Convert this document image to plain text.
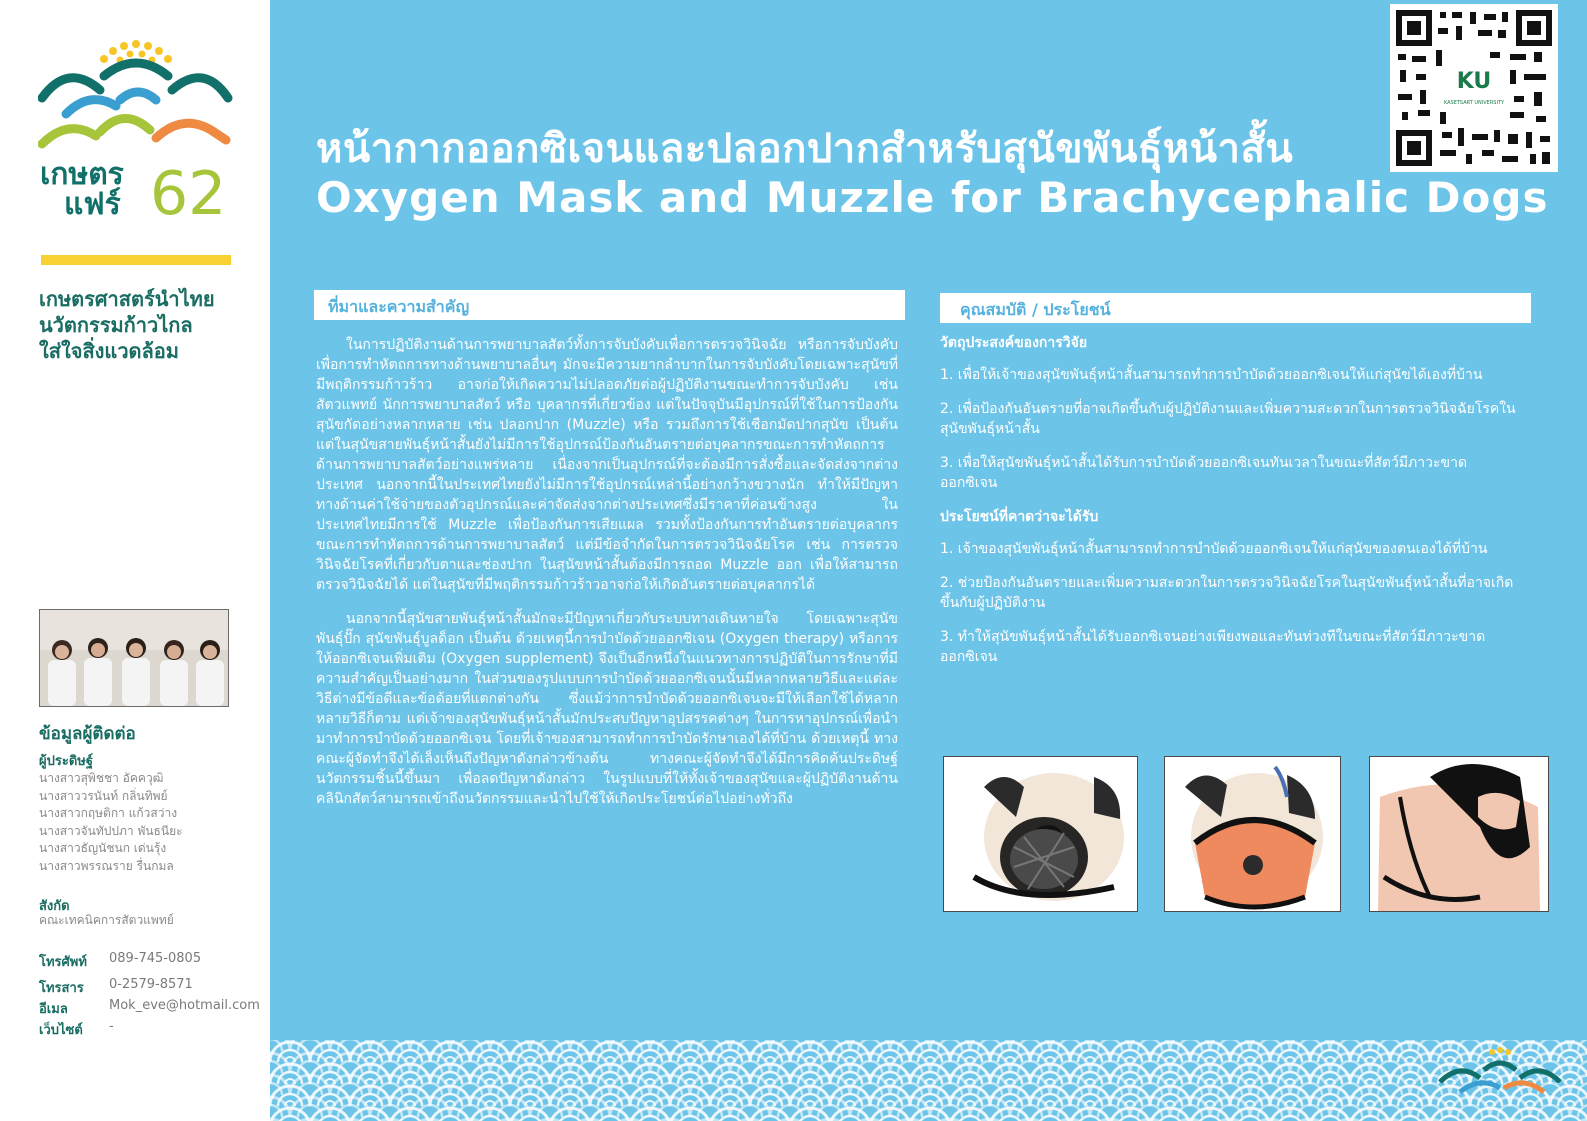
เกษตร
แฟร์ 62
เกษตรศาสตร์นำไทย
นวัตกรรมก้าวไกล
ใส่ใจสิ่งแวดล้อม
ข้อมูลผู้ติดต่อ
ผู้ประดิษฐ์
นางสาวสุพิชชา อัคควุฒิ
นางสาววรนันท์ กลิ่นทิพย์
นางสาวกฤษติกา แก้วสว่าง
นางสาวจันทัปปภา พันธนียะ
นางสาวธัญนัชนก เด่นรุ้ง
นางสาวพรรณราย รื่นกมล
สังกัด
คณะเทคนิคการสัตวแพทย์
โทรศัพท์ 089-745-0805
โทรสาร 0-2579-8571
อีเมล	Mok_eve@hotmail.com
เว็บไซต์ -
หน้ากากออกซิเจนและปลอกปากสำหรับสุนัขพันธุ์หน้าสั้น
Oxygen Mask and Muzzle for Brachycephalic Dogs
KU
KASETSART UNIVERSITY
ที่มาและความสำคัญ

ในการปฏิบัติงานด้านการพยาบาลสัตว์ทั้งการจับบังคับเพื่อการตรวจวินิจฉัย หรือการจับบังคับเพื่อการทำหัตถการทางด้านพยาบาลอื่นๆ มักจะมีความยากลำบากในการจับบังคับโดยเฉพาะสุนัขที่มีพฤติกรรมก้าวร้าว อาจก่อให้เกิดความไม่ปลอดภัยต่อผู้ปฏิบัติงานขณะทำการจับบังคับ เช่น สัตวแพทย์ นักการพยาบาลสัตว์ หรือ บุคลากรที่เกี่ยวข้อง แต่ในปัจจุบันมีอุปกรณ์ที่ใช้ในการป้องกันสุนัขกัดอย่างหลากหลาย เช่น ปลอกปาก (Muzzle) หรือ รวมถึงการใช้เชือกมัดปากสุนัข เป็นต้น แต่ในสุนัขสายพันธุ์หน้าสั้นยังไม่มีการใช้อุปกรณ์ป้องกันอันตรายต่อบุคลากรขณะการทำหัตถการด้านการพยาบาลสัตว์อย่างแพร่หลาย เนื่องจากเป็นอุปกรณ์ที่จะต้องมีการสั่งซื้อและจัดส่งจากต่างประเทศ นอกจากนี้ในประเทศไทยยังไม่มีการใช้อุปกรณ์เหล่านี้อย่างกว้างขวางนัก ทำให้มีปัญหาทางด้านค่าใช้จ่ายของตัวอุปกรณ์และค่าจัดส่งจากต่างประเทศซึ่งมีราคาที่ค่อนข้างสูง ในประเทศไทยมีการใช้ Muzzle เพื่อป้องกันการเสียแผล รวมทั้งป้องกันการทำอันตรายต่อบุคลากรขณะการทำหัตถการด้านการพยาบาลสัตว์ แต่มีข้อจำกัดในการตรวจวินิจฉัยโรค เช่น การตรวจวินิจฉัยโรคที่เกี่ยวกับตาและช่องปาก ในสุนัขหน้าสั้นต้องมีการถอด Muzzle ออก เพื่อให้สามารถตรวจวินิจฉัยได้ แต่ในสุนัขที่มีพฤติกรรมก้าวร้าวอาจก่อให้เกิดอันตรายต่อบุคลากรได้

นอกจากนี้สุนัขสายพันธุ์หน้าสั้นมักจะมีปัญหาเกี่ยวกับระบบทางเดินหายใจ โดยเฉพาะสุนัขพันธุ์ปั๊ก สุนัขพันธุ์บูลด็อก เป็นต้น ด้วยเหตุนี้การบำบัดด้วยออกซิเจน (Oxygen therapy) หรือการให้ออกซิเจนเพิ่มเติม (Oxygen supplement) จึงเป็นอีกหนึ่งในแนวทางการปฏิบัติในการรักษาที่มีความสำคัญเป็นอย่างมาก ในส่วนของรูปแบบการบำบัดด้วยออกซิเจนนั้นมีหลากหลายวิธีและแต่ละวิธีต่างมีข้อดีและข้อด้อยที่แตกต่างกัน ซึ่งแม้ว่าการบำบัดด้วยออกซิเจนจะมีให้เลือกใช้ได้หลากหลายวิธีก็ตาม แต่เจ้าของสุนัขพันธุ์หน้าสั้นมักประสบปัญหาอุปสรรคต่างๆ ในการหาอุปกรณ์เพื่อนำมาทำการบำบัดด้วยออกซิเจน โดยที่เจ้าของสามารถทำการบำบัดรักษาเองได้ที่บ้าน ด้วยเหตุนี้ ทางคณะผู้จัดทำจึงได้เล็งเห็นถึงปัญหาดังกล่าวข้างต้น ทางคณะผู้จัดทำจึงได้มีการคิดค้นประดิษฐ์นวัตกรรมชิ้นนี้ขึ้นมา เพื่อลดปัญหาดังกล่าว ในรูปแบบที่ให้ทั้งเจ้าของสุนัขและผู้ปฏิบัติงานด้านคลินิกสัตว์สามารถเข้าถึงนวัตกรรมและนำไปใช้ให้เกิดประโยชน์ต่อไปอย่างทั่วถึง

คุณสมบัติ / ประโยชน์
วัตถุประสงค์ของการวิจัย
1. เพื่อให้เจ้าของสุนัขพันธุ์หน้าสั้นสามารถทำการบำบัดด้วยออกซิเจนให้แก่สุนัขได้เองที่บ้าน
2. เพื่อป้องกันอันตรายที่อาจเกิดขึ้นกับผู้ปฏิบัติงานและเพิ่มความสะดวกในการตรวจวินิจฉัยโรคในสุนัขพันธุ์หน้าสั้น
3. เพื่อให้สุนัขพันธุ์หน้าสั้นได้รับการบำบัดด้วยออกซิเจนทันเวลาในขณะที่สัตว์มีภาวะขาดออกซิเจน
ประโยชน์ที่คาดว่าจะได้รับ
1. เจ้าของสุนัขพันธุ์หน้าสั้นสามารถทำการบำบัดด้วยออกซิเจนให้แก่สุนัขของตนเองได้ที่บ้าน
2. ช่วยป้องกันอันตรายและเพิ่มความสะดวกในการตรวจวินิจฉัยโรคในสุนัขพันธุ์หน้าสั้นที่อาจเกิดขึ้นกับผู้ปฏิบัติงาน
3. ทำให้สุนัขพันธุ์หน้าสั้นได้รับออกซิเจนอย่างเพียงพอและทันท่วงทีในขณะที่สัตว์มีภาวะขาดออกซิเจน
